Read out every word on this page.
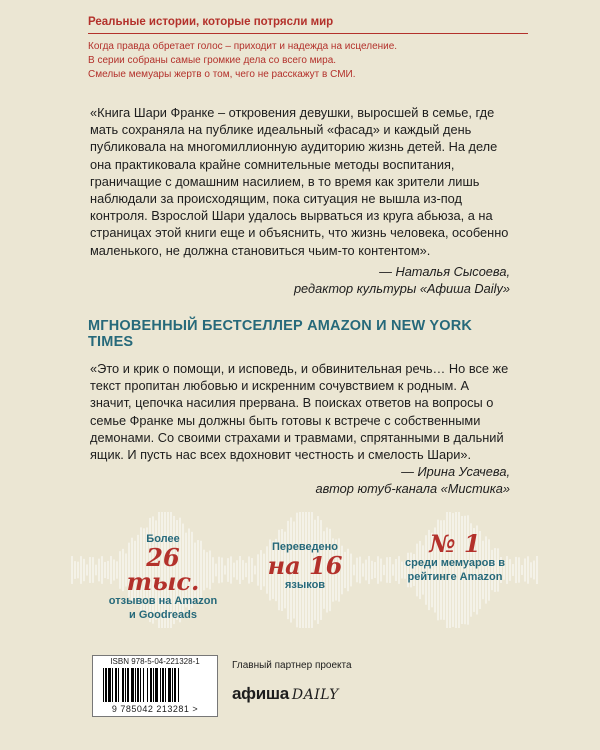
Реальные истории, которые потрясли мир

Когда правда обретает голос – приходит и надежда на исцеление.

В серии собраны самые громкие дела со всего мира.

Смелые мемуары жертв о том, чего не расскажут в СМИ.

«Книга Шари Франке – откровения девушки, выросшей в семье, где мать сохраняла на публике идеальный «фасад» и каждый день публиковала на многомиллионную аудиторию жизнь детей. На деле она практиковала крайне сомнительные методы воспитания, граничащие с домашним насилием, в то время как зрители лишь наблюдали за происходящим, пока ситуация не вышла из-под контроля. Взрослой Шари удалось вырваться из круга абьюза, а на страницах этой книги еще и объяснить, что жизнь человека, особенно маленького, не должна становиться чьим-то контентом».

— Наталья Сысоева,

редактор культуры «Афиша Daily»

МГНОВЕННЫЙ БЕСТСЕЛЛЕР AMAZON И NEW YORK TIMES

«Это и крик о помощи, и исповедь, и обвинительная речь… Но все же текст пропитан любовью и искренним сочувствием к родным. А значит, цепочка насилия прервана. В поисках ответов на вопросы о семье Франке мы должны быть готовы к встрече с собственными демонами. Со своими страхами и травмами, спрятанными в дальний ящик. И пусть нас всех вдохновит честность и смелость Шари».

— Ирина Усачева,

автор ютуб-канала «Мистика»

Более
26 тыс.
отзывов на Amazon и Goodreads
Переведено
на 16
языков
№ 1
среди мемуаров в рейтинге Amazon

ISBN 978-5-04-221328-1

9 785042 213281 >

Главный партнер проекта

афиша DAILY
